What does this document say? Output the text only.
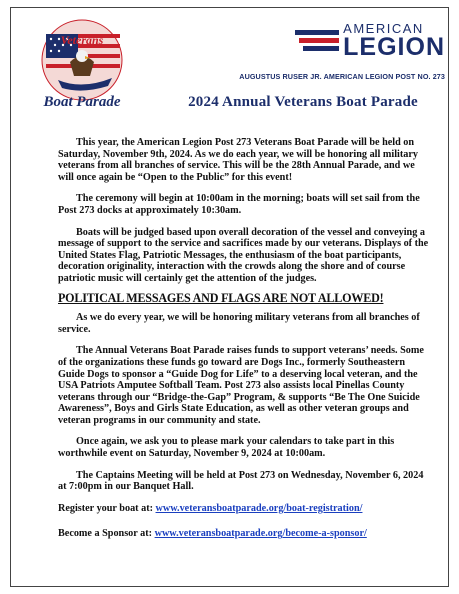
Veterans
Boat Parade
AMERICAN
LEGION
AUGUSTUS RUSER JR. AMERICAN LEGION POST NO. 273
2024 Annual Veterans Boat Parade

This year, the American Legion Post 273 Veterans Boat Parade will be held on Saturday, November 9th, 2024. As we do each year, we will be honoring all military veterans from all branches of service. This will be the 28th Annual Parade, and we will once again be “Open to the Public” for this event!

The ceremony will begin at 10:00am in the morning; boats will set sail from the Post 273 docks at approximately 10:30am.

Boats will be judged based upon overall decoration of the vessel and conveying a message of support to the service and sacrifices made by our veterans. Displays of the United States Flag, Patriotic Messages, the enthusiasm of the boat participants, decoration originality, interaction with the crowds along the shore and of course patriotic music will certainly get the attention of the judges.

POLITICAL MESSAGES AND FLAGS ARE NOT ALLOWED!

As we do every year, we will be honoring military veterans from all branches of service.

The Annual Veterans Boat Parade raises funds to support veterans’ needs. Some of the organizations these funds go toward are Dogs Inc., formerly Southeastern Guide Dogs to sponsor a “Guide Dog for Life” to a deserving local veteran, and the USA Patriots Amputee Softball Team. Post 273 also assists local Pinellas County veterans through our “Bridge-the-Gap” Program, & supports “Be The One Suicide Awareness”, Boys and Girls State Education, as well as other veteran groups and veteran programs in our community and state.

Once again, we ask you to please mark your calendars to take part in this worthwhile event on Saturday, November 9, 2024 at 10:00am.

The Captains Meeting will be held at Post 273 on Wednesday, November 6, 2024 at 7:00pm in our Banquet Hall.

Register your boat at: www.veteransboatparade.org/boat-registration/

Become a Sponsor at: www.veteransboatparade.org/become-a-sponsor/
